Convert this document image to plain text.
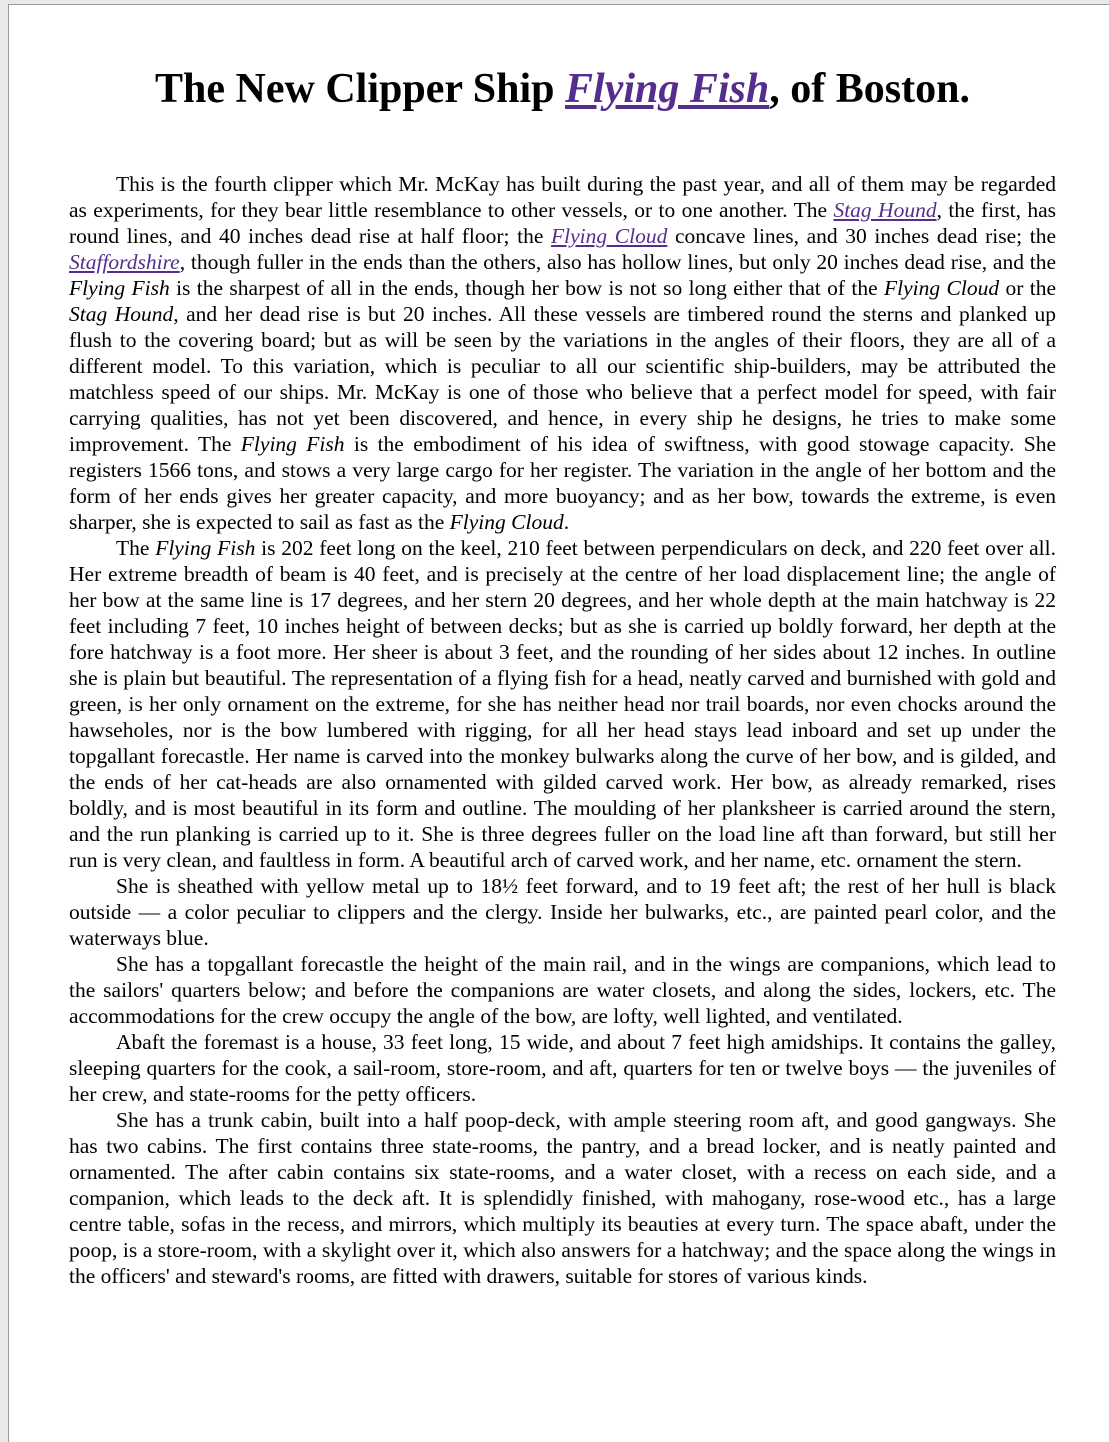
The New Clipper Ship Flying Fish, of Boston.

This is the fourth clipper which Mr. McKay has built during the past year, and all of them may be regarded as experiments, for they bear little resemblance to other vessels, or to one another. The Stag Hound, the first, has round lines, and 40 inches dead rise at half floor; the Flying Cloud concave lines, and 30 inches dead rise; the Staffordshire, though fuller in the ends than the others, also has hollow lines, but only 20 inches dead rise, and the Flying Fish is the sharpest of all in the ends, though her bow is not so long either that of the Flying Cloud or the Stag Hound, and her dead rise is but 20 inches. All these vessels are timbered round the sterns and planked up flush to the covering board; but as will be seen by the variations in the angles of their floors, they are all of a different model. To this variation, which is peculiar to all our scientific ship-builders, may be attributed the matchless speed of our ships. Mr. McKay is one of those who believe that a perfect model for speed, with fair carrying qualities, has not yet been discovered, and hence, in every ship he designs, he tries to make some improvement. The Flying Fish is the embodiment of his idea of swiftness, with good stowage capacity. She registers 1566 tons, and stows a very large cargo for her register. The variation in the angle of her bottom and the form of her ends gives her greater capacity, and more buoyancy; and as her bow, towards the extreme, is even sharper, she is expected to sail as fast as the Flying Cloud.

The Flying Fish is 202 feet long on the keel, 210 feet between perpendiculars on deck, and 220 feet over all. Her extreme breadth of beam is 40 feet, and is precisely at the centre of her load displacement line; the angle of her bow at the same line is 17 degrees, and her stern 20 degrees, and her whole depth at the main hatchway is 22 feet including 7 feet, 10 inches height of between decks; but as she is carried up boldly forward, her depth at the fore hatchway is a foot more. Her sheer is about 3 feet, and the rounding of her sides about 12 inches. In outline she is plain but beautiful. The representation of a flying fish for a head, neatly carved and burnished with gold and green, is her only ornament on the extreme, for she has neither head nor trail boards, nor even chocks around the hawseholes, nor is the bow lumbered with rigging, for all her head stays lead inboard and set up under the topgallant forecastle. Her name is carved into the monkey bulwarks along the curve of her bow, and is gilded, and the ends of her cat-heads are also ornamented with gilded carved work. Her bow, as already remarked, rises boldly, and is most beautiful in its form and outline. The moulding of her planksheer is carried around the stern, and the run planking is carried up to it. She is three degrees fuller on the load line aft than forward, but still her run is very clean, and faultless in form. A beautiful arch of carved work, and her name, etc. ornament the stern.

She is sheathed with yellow metal up to 18½ feet forward, and to 19 feet aft; the rest of her hull is black outside — a color peculiar to clippers and the clergy. Inside her bulwarks, etc., are painted pearl color, and the waterways blue.

She has a topgallant forecastle the height of the main rail, and in the wings are companions, which lead to the sailors' quarters below; and before the companions are water closets, and along the sides, lockers, etc. The accommodations for the crew occupy the angle of the bow, are lofty, well lighted, and ventilated.

Abaft the foremast is a house, 33 feet long, 15 wide, and about 7 feet high amidships. It contains the galley, sleeping quarters for the cook, a sail-room, store-room, and aft, quarters for ten or twelve boys — the juveniles of her crew, and state-rooms for the petty officers.

She has a trunk cabin, built into a half poop-deck, with ample steering room aft, and good gangways. She has two cabins. The first contains three state-rooms, the pantry, and a bread locker, and is neatly painted and ornamented. The after cabin contains six state-rooms, and a water closet, with a recess on each side, and a companion, which leads to the deck aft. It is splendidly finished, with mahogany, rose-wood etc., has a large centre table, sofas in the recess, and mirrors, which multiply its beauties at every turn. The space abaft, under the poop, is a store-room, with a skylight over it, which also answers for a hatchway; and the space along the wings in the officers' and steward's rooms, are fitted with drawers, suitable for stores of various kinds.
